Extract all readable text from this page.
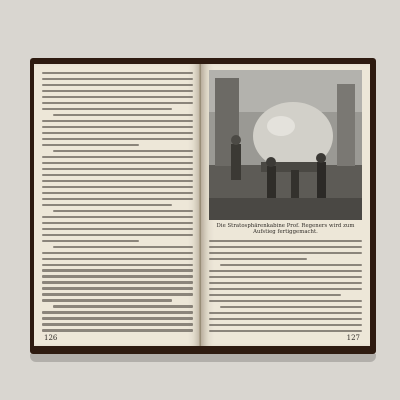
126
Die Stratosphärenkabine Prof. Regeners wird zum Aufstieg fertiggemacht.
127
